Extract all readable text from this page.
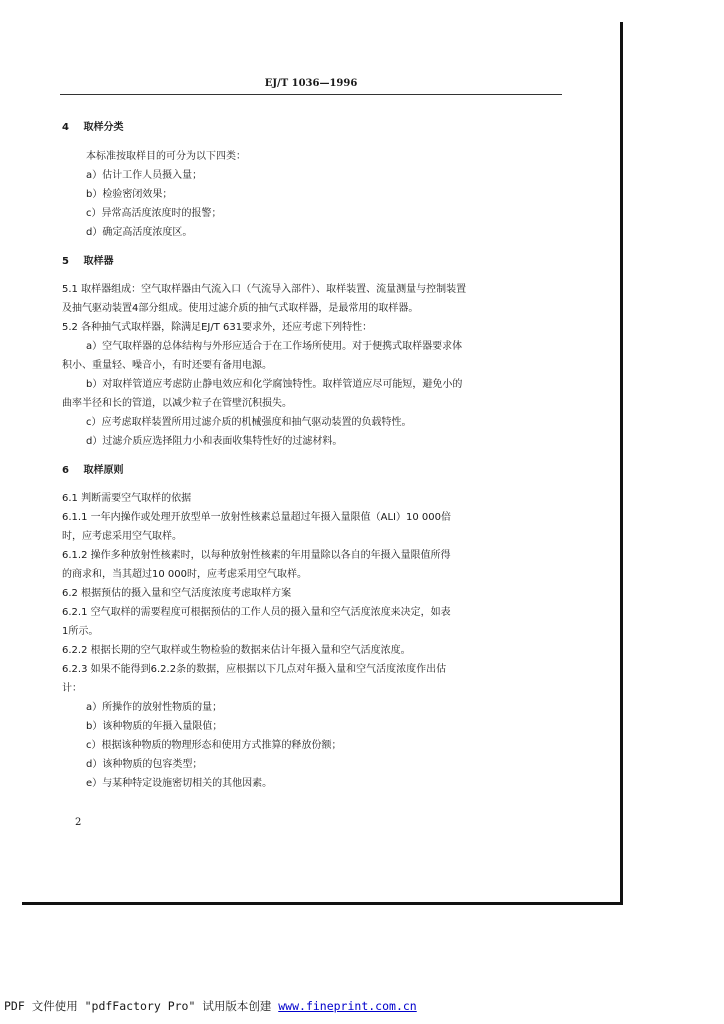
EJ/T 1036—1996
4 取样分类
本标准按取样目的可分为以下四类：
a）估计工作人员摄入量；
b）检验密闭效果；
c）异常高活度浓度时的报警；
d）确定高活度浓度区。
5 取样器
5.1 取样器组成：空气取样器由气流入口（气流导入部件）、取样装置、流量测量与控制装置
及抽气驱动装置4部分组成。使用过滤介质的抽气式取样器，是最常用的取样器。
5.2 各种抽气式取样器，除满足EJ/T 631要求外，还应考虑下列特性：
a）空气取样器的总体结构与外形应适合于在工作场所使用。对于便携式取样器要求体
积小、重量轻、噪音小，有时还要有备用电源。
b）对取样管道应考虑防止静电效应和化学腐蚀特性。取样管道应尽可能短，避免小的
曲率半径和长的管道，以减少粒子在管壁沉积损失。
c）应考虑取样装置所用过滤介质的机械强度和抽气驱动装置的负载特性。
d）过滤介质应选择阻力小和表面收集特性好的过滤材料。
6 取样原则
6.1 判断需要空气取样的依据
6.1.1 一年内操作或处理开放型单一放射性核素总量超过年摄入量限值（ALI）10 000倍
时，应考虑采用空气取样。
6.1.2 操作多种放射性核素时，以每种放射性核素的年用量除以各自的年摄入量限值所得
的商求和，当其超过10 000时，应考虑采用空气取样。
6.2 根据预估的摄入量和空气活度浓度考虑取样方案
6.2.1 空气取样的需要程度可根据预估的工作人员的摄入量和空气活度浓度来决定，如表
1所示。
6.2.2 根据长期的空气取样或生物检验的数据来估计年摄入量和空气活度浓度。
6.2.3 如果不能得到6.2.2条的数据，应根据以下几点对年摄入量和空气活度浓度作出估
计：
a）所操作的放射性物质的量；
b）该种物质的年摄入量限值；
c）根据该种物质的物理形态和使用方式推算的释放份额；
d）该种物质的包容类型；
e）与某种特定设施密切相关的其他因素。
2
PDF 文件使用 "pdfFactory Pro" 试用版本创建 www.fineprint.com.cn
